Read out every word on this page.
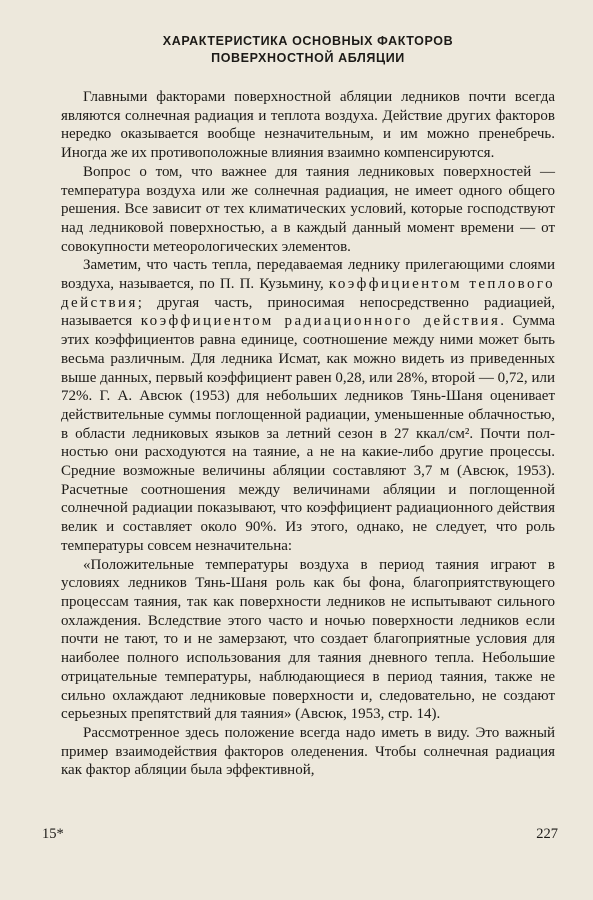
ХАРАКТЕРИСТИКА ОСНОВНЫХ ФАКТОРОВ
ПОВЕРХНОСТНОЙ АБЛЯЦИИ

Главными факторами поверхностной абляции ледников почти всегда являются солнечная радиация и теплота воздуха. Действие других факторов нередко оказывается вообще незначительным, и им можно пренебречь. Иногда же их противоположные влияния взаимно компенсируются.

Вопрос о том, что важнее для таяния ледниковых поверхностей — температура воздуха или же солнечная радиация, не имеет одного общего решения. Все зависит от тех климатических условий, которые господствуют над ледниковой поверхностью, а в каждый данный момент времени — от совокупности метеорологических элементов.

Заметим, что часть тепла, передаваемая леднику прилегающими слоями воздуха, называется, по П. П. Кузьмину, коэффициентом теплового действия; другая часть, приносимая непосредственно радиацией, называется коэффициентом радиационного действия. Сумма этих коэффициентов равна единице, соотношение между ними может быть весьма различным. Для ледника Исмат, как можно видеть из приведенных выше данных, первый коэффициент равен 0,28, или 28%, второй — 0,72, или 72%. Г. А. Авсюк (1953) для небольших ледников Тянь-Шаня оценивает действительные суммы поглощенной радиации, уменьшенные облачностью, в области ледниковых языков за летний сезон в 27 ккал/см². Почти полностью они расходуются на таяние, а не на какие-либо другие процессы. Средние возможные величины абляции составляют 3,7 м (Авсюк, 1953). Расчетные соотношения между величинами абляции и поглощенной солнечной радиации показывают, что коэффициент радиационного действия велик и составляет около 90%. Из этого, однако, не следует, что роль температуры совсем незначительна:

«Положительные температуры воздуха в период таяния играют в условиях ледников Тянь-Шаня роль как бы фона, благоприятствующего процессам таяния, так как поверхности ледников не испытывают сильного охлаждения. Вследствие этого часто и ночью поверхности ледников если почти не тают, то и не замерзают, что создает благоприятные условия для наиболее полного использования для таяния дневного тепла. Небольшие отрицательные температуры, наблюдающиеся в период таяния, также не сильно охлаждают ледниковые поверхности и, следовательно, не создают серьезных препятствий для таяния» (Авсюк, 1953, стр. 14).

Рассмотренное здесь положение всегда надо иметь в виду. Это важный пример взаимодействия факторов оледенения. Чтобы солнечная радиация как фактор абляции была эффективной,

15*	227
